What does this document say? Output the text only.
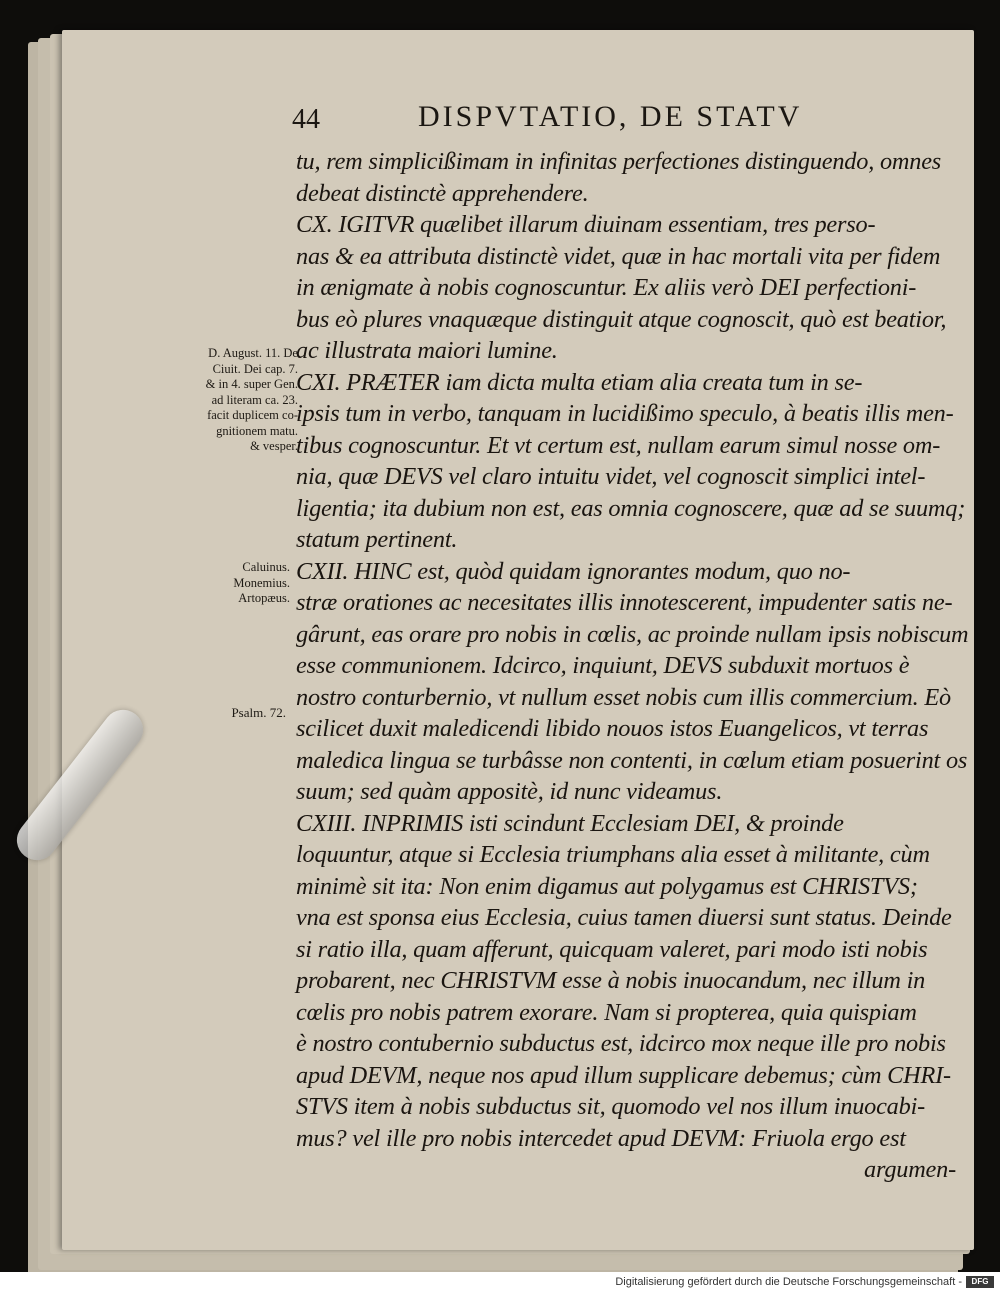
44	DISPVTATIO, DE STATV
tu, rem simplicißimam in infinitas perfectiones distinguendo, omnes
debeat distinctè apprehendere.
CX. IGITVR quælibet illarum diuinam essentiam, tres perso-
nas & ea attributa distinctè videt, quæ in hac mortali vita per fidem
in ænigmate à nobis cognoscuntur. Ex aliis verò DEI perfectioni-
bus eò plures vnaquæque distinguit atque cognoscit, quò est beatior,
ac illustrata maiori lumine.
CXI. PRÆTER iam dicta multa etiam alia creata tum in se-
ipsis tum in verbo, tanquam in lucidißimo speculo, à beatis illis men-
tibus cognoscuntur. Et vt certum est, nullam earum simul nosse om-
nia, quæ DEVS vel claro intuitu videt, vel cognoscit simplici intel-
ligentia; ita dubium non est, eas omnia cognoscere, quæ ad se suumq;
statum pertinent.
CXII. HINC est, quòd quidam ignorantes modum, quo no-
stræ orationes ac necesitates illis innotescerent, impudenter satis ne-
gârunt, eas orare pro nobis in cœlis, ac proinde nullam ipsis nobiscum
esse communionem. Idcirco, inquiunt, DEVS subduxit mortuos è
nostro conturbernio, vt nullum esset nobis cum illis commercium. Eò
scilicet duxit maledicendi libido nouos istos Euangelicos, vt terras
maledica lingua se turbâsse non contenti, in cœlum etiam posuerint os
suum; sed quàm appositè, id nunc videamus.
CXIII. INPRIMIS isti scindunt Ecclesiam DEI, & proinde
loquuntur, atque si Ecclesia triumphans alia esset à militante, cùm
minimè sit ita: Non enim digamus aut polygamus est CHRISTVS;
vna est sponsa eius Ecclesia, cuius tamen diuersi sunt status. Deinde
si ratio illa, quam afferunt, quicquam valeret, pari modo isti nobis
probarent, nec CHRISTVM esse à nobis inuocandum, nec illum in
cœlis pro nobis patrem exorare. Nam si propterea, quia quispiam
è nostro contubernio subductus est, idcirco mox neque ille pro nobis
apud DEVM, neque nos apud illum supplicare debemus; cùm CHRI-
STVS item à nobis subductus sit, quomodo vel nos illum inuocabi-
mus? vel ille pro nobis intercedet apud DEVM: Friuola ergo est
argumen-
D. August. 11. De
Ciuit. Dei cap. 7.
& in 4. super Gen.
ad literam ca. 23.
facit duplicem co-
gnitionem matu.
& vesper.
Caluinus.
Monemius.
Artopæus.
Psalm. 72.
Digitalisierung gefördert durch die Deutsche Forschungsgemeinschaft -	DFG
